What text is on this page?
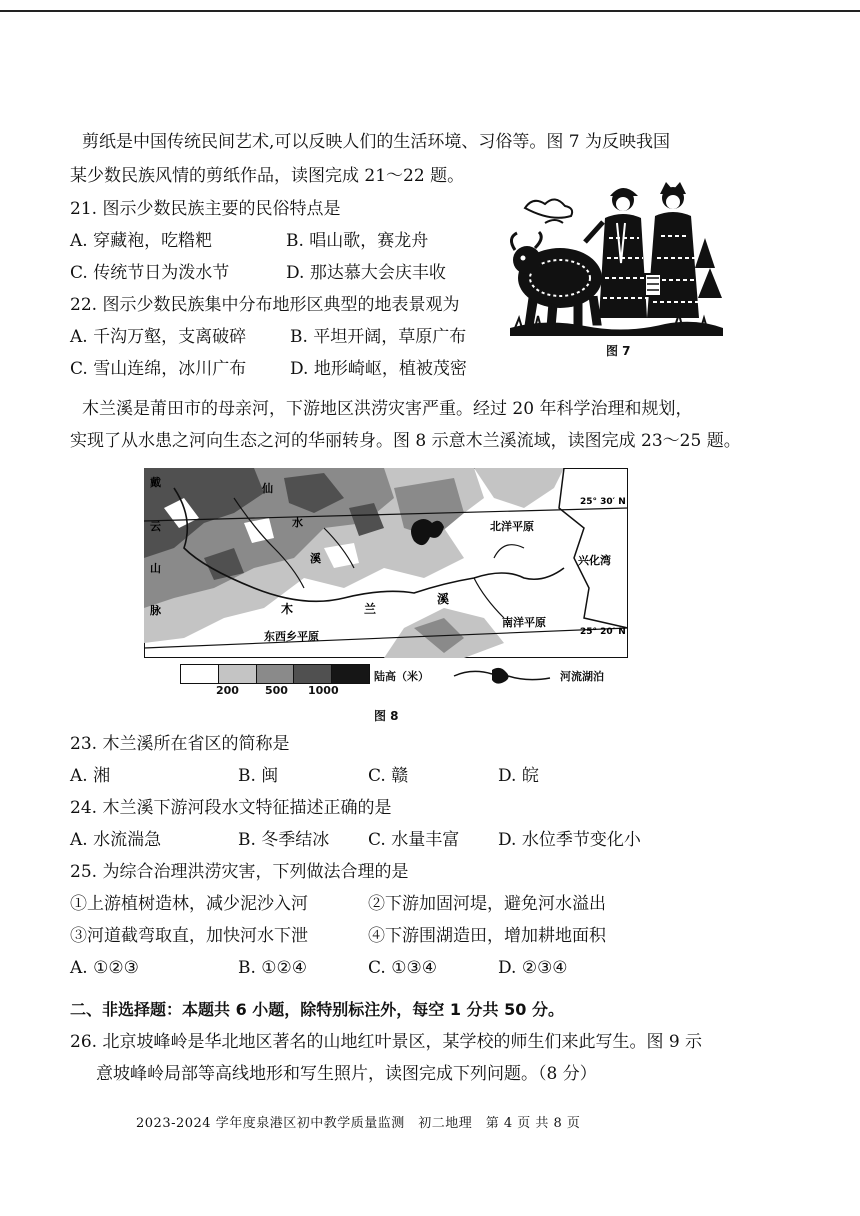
剪纸是中国传统民间艺术,可以反映人们的生活环境、习俗等。图 7 为反映我国
某少数民族风情的剪纸作品，读图完成 21～22 题。
21. 图示少数民族主要的民俗特点是
A. 穿藏袍，吃糌粑	B. 唱山歌，赛龙舟
C. 传统节日为泼水节	D. 那达慕大会庆丰收
22. 图示少数民族集中分布地形区典型的地表景观为
A. 千沟万壑，支离破碎	B. 平坦开阔，草原广布
C. 雪山连绵，冰川广布	D. 地形崎岖，植被茂密
图 7
木兰溪是莆田市的母亲河，下游地区洪涝灾害严重。经过 20 年科学治理和规划，
实现了从水患之河向生态之河的华丽转身。图 8 示意木兰溪流域，读图完成 23～25 题。
戴
云
山
脉
仙
水
溪
木	兰
溪
北洋平原
南洋平原
东西乡平原
兴化湾
25° 30′ N
25° 20′ N
200 500 1000
陆高（米）	河流湖泊
图 8
23. 木兰溪所在省区的简称是
A. 湘	B. 闽	C. 赣	D. 皖
24. 木兰溪下游河段水文特征描述正确的是
A. 水流湍急	B. 冬季结冰 C. 水量丰富 D. 水位季节变化小
25. 为综合治理洪涝灾害，下列做法合理的是
①上游植树造林，减少泥沙入河	②下游加固河堤，避免河水溢出
③河道截弯取直，加快河水下泄	④下游围湖造田，增加耕地面积
A. ①②③	B. ①②④	C. ①③④	D. ②③④
二、非选择题：本题共 6 小题，除特别标注外，每空 1 分共 50 分。
26. 北京坡峰岭是华北地区著名的山地红叶景区，某学校的师生们来此写生。图 9 示
意坡峰岭局部等高线地形和写生照片，读图完成下列问题。（8 分）
2023-2024 学年度泉港区初中教学质量监测　初二地理　第 4 页 共 8 页
